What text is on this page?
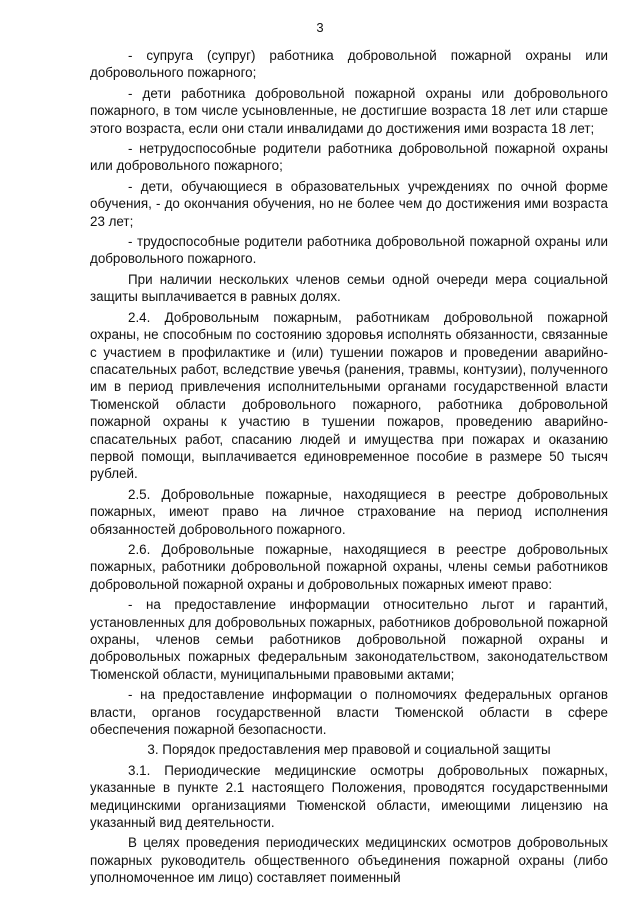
3

- супруга (супруг) работника добровольной пожарной охраны или добровольного пожарного;

- дети работника добровольной пожарной охраны или добровольного пожарного, в том числе усыновленные, не достигшие возраста 18 лет или старше этого возраста, если они стали инвалидами до достижения ими возраста 18 лет;

- нетрудоспособные родители работника добровольной пожарной охраны или добровольного пожарного;

- дети, обучающиеся в образовательных учреждениях по очной форме обучения, - до окончания обучения, но не более чем до достижения ими возраста 23 лет;

- трудоспособные родители работника добровольной пожарной охраны или добровольного пожарного.

При наличии нескольких членов семьи одной очереди мера социальной защиты выплачивается в равных долях.

2.4. Добровольным пожарным, работникам добровольной пожарной охраны, не способным по состоянию здоровья исполнять обязанности, связанные с участием в профилактике и (или) тушении пожаров и проведении аварийно-спасательных работ, вследствие увечья (ранения, травмы, контузии), полученного им в период привлечения исполнительными органами государственной власти Тюменской области добровольного пожарного, работника добровольной пожарной охраны к участию в тушении пожаров, проведению аварийно-спасательных работ, спасанию людей и имущества при пожарах и оказанию первой помощи, выплачивается единовременное пособие в размере 50 тысяч рублей.

2.5. Добровольные пожарные, находящиеся в реестре добровольных пожарных, имеют право на личное страхование на период исполнения обязанностей добровольного пожарного.

2.6. Добровольные пожарные, находящиеся в реестре добровольных пожарных, работники добровольной пожарной охраны, члены семьи работников добровольной пожарной охраны и добровольных пожарных имеют право:

- на предоставление информации относительно льгот и гарантий, установленных для добровольных пожарных, работников добровольной пожарной охраны, членов семьи работников добровольной пожарной охраны и добровольных пожарных федеральным законодательством, законодательством Тюменской области, муниципальными правовыми актами;

- на предоставление информации о полномочиях федеральных органов власти, органов государственной власти Тюменской области в сфере обеспечения пожарной безопасности.

3. Порядок предоставления мер правовой и социальной защиты

3.1. Периодические медицинские осмотры добровольных пожарных, указанные в пункте 2.1 настоящего Положения, проводятся государственными медицинскими организациями Тюменской области, имеющими лицензию на указанный вид деятельности.

В целях проведения периодических медицинских осмотров добровольных пожарных руководитель общественного объединения пожарной охраны (либо уполномоченное им лицо) составляет поименный
